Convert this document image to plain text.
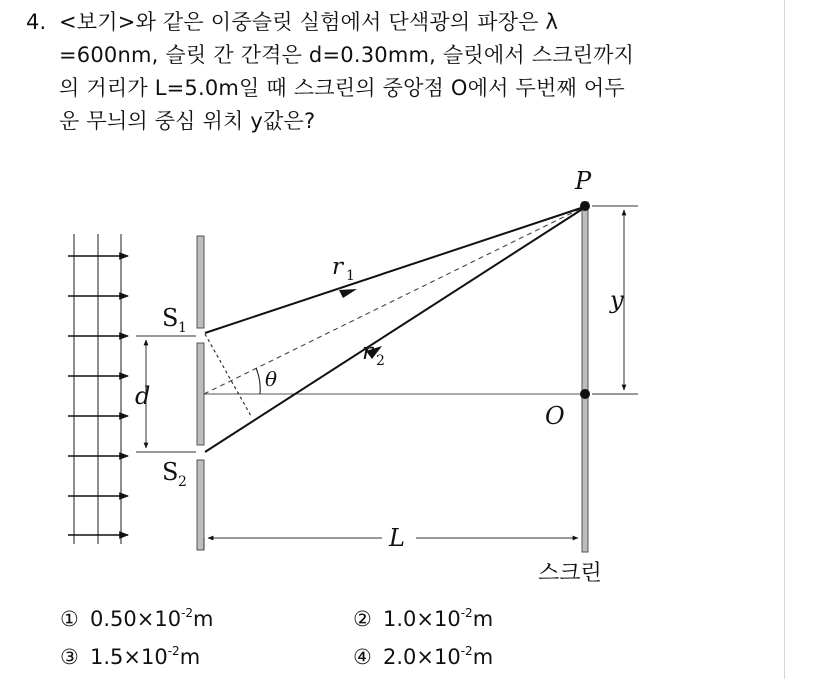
4. <보기>와 같은 이중슬릿 실험에서 단색광의 파장은 λ
=600nm, 슬릿 간 간격은 d=0.30mm, 슬릿에서 스크린까지
의 거리가 L=5.0m일 때 스크린의 중앙점 O에서 두번째 어두
운 무늬의 중심 위치 y값은?
P
O
r 1
r 2
S 1
S 2
d
θ
y
L
스크린
① $0.50\times 10^{-2}m$	② $1.0\times 10^{-2}m$
③ $1.5\times 10^{-2}m$	④ $2.0\times 10^{-2}m$
